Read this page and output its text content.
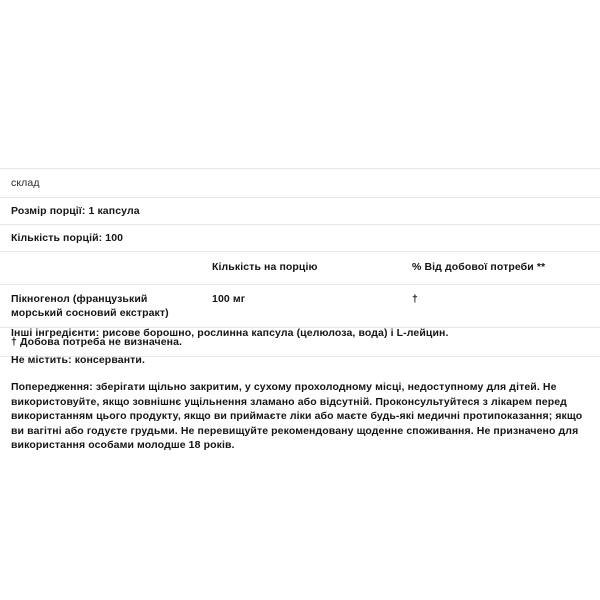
склад		

Розмір порції: 1 капсула		

Кількість порцій: 100		

	Кількість на порцію	% Від добової потреби **

Пікногенол (французький морський сосновий екстракт)	100 мг	†

† Добова потреба не визначена.		

Інші інгредієнти: рисове борошно, рослинна капсула (целюлоза, вода) і L-лейцин.

Не містить: консерванти.

Попередження: зберігати щільно закритим, у сухому прохолодному місці, недоступному для дітей. Не використовуйте, якщо зовнішнє ущільнення зламано або відсутній. Проконсультуйтеся з лікарем перед використанням цього продукту, якщо ви приймаєте ліки або маєте будь-які медичні протипоказання; якщо ви вагітні або годуєте грудьми. Не перевищуйте рекомендовану щоденне споживання. Не призначено для використання особами молодше 18 років.
